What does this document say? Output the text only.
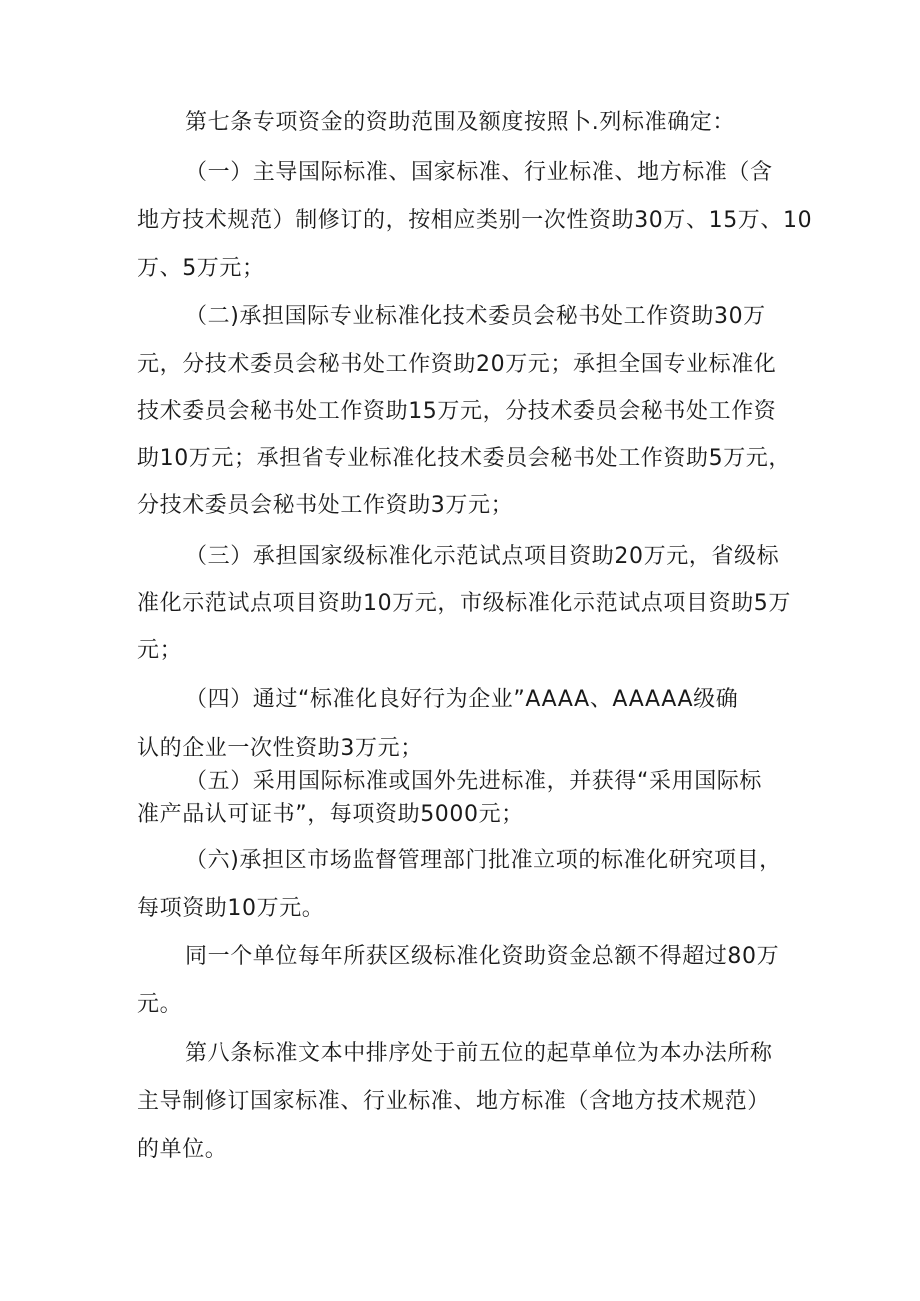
第七条专项资金的资助范围及额度按照卜.列标准确定：
（一）主导国际标准、国家标准、行业标准、地方标准（含
地方技术规范）制修订的，按相应类别一次性资助30万、15万、10
万、5万元；
（二)承担国际专业标准化技术委员会秘书处工作资助30万
元，分技术委员会秘书处工作资助20万元；承担全国专业标准化
技术委员会秘书处工作资助15万元，分技术委员会秘书处工作资
助10万元；承担省专业标准化技术委员会秘书处工作资助5万元，
分技术委员会秘书处工作资助3万元；
（三）承担国家级标准化示范试点项目资助20万元，省级标
准化示范试点项目资助10万元，市级标准化示范试点项目资助5万
元；
（四）通过“标准化良好行为企业”AAAA、AAAAA级确
认的企业一次性资助3万元；
（五）采用国际标准或国外先进标准，并获得“采用国际标
准产品认可证书”，每项资助5000元；
（六)承担区市场监督管理部门批准立项的标准化研究项目，
每项资助10万元。
同一个单位每年所获区级标准化资助资金总额不得超过80万
元。
第八条标准文本中排序处于前五位的起草单位为本办法所称
主导制修订国家标准、行业标准、地方标准（含地方技术规范）
的单位。
